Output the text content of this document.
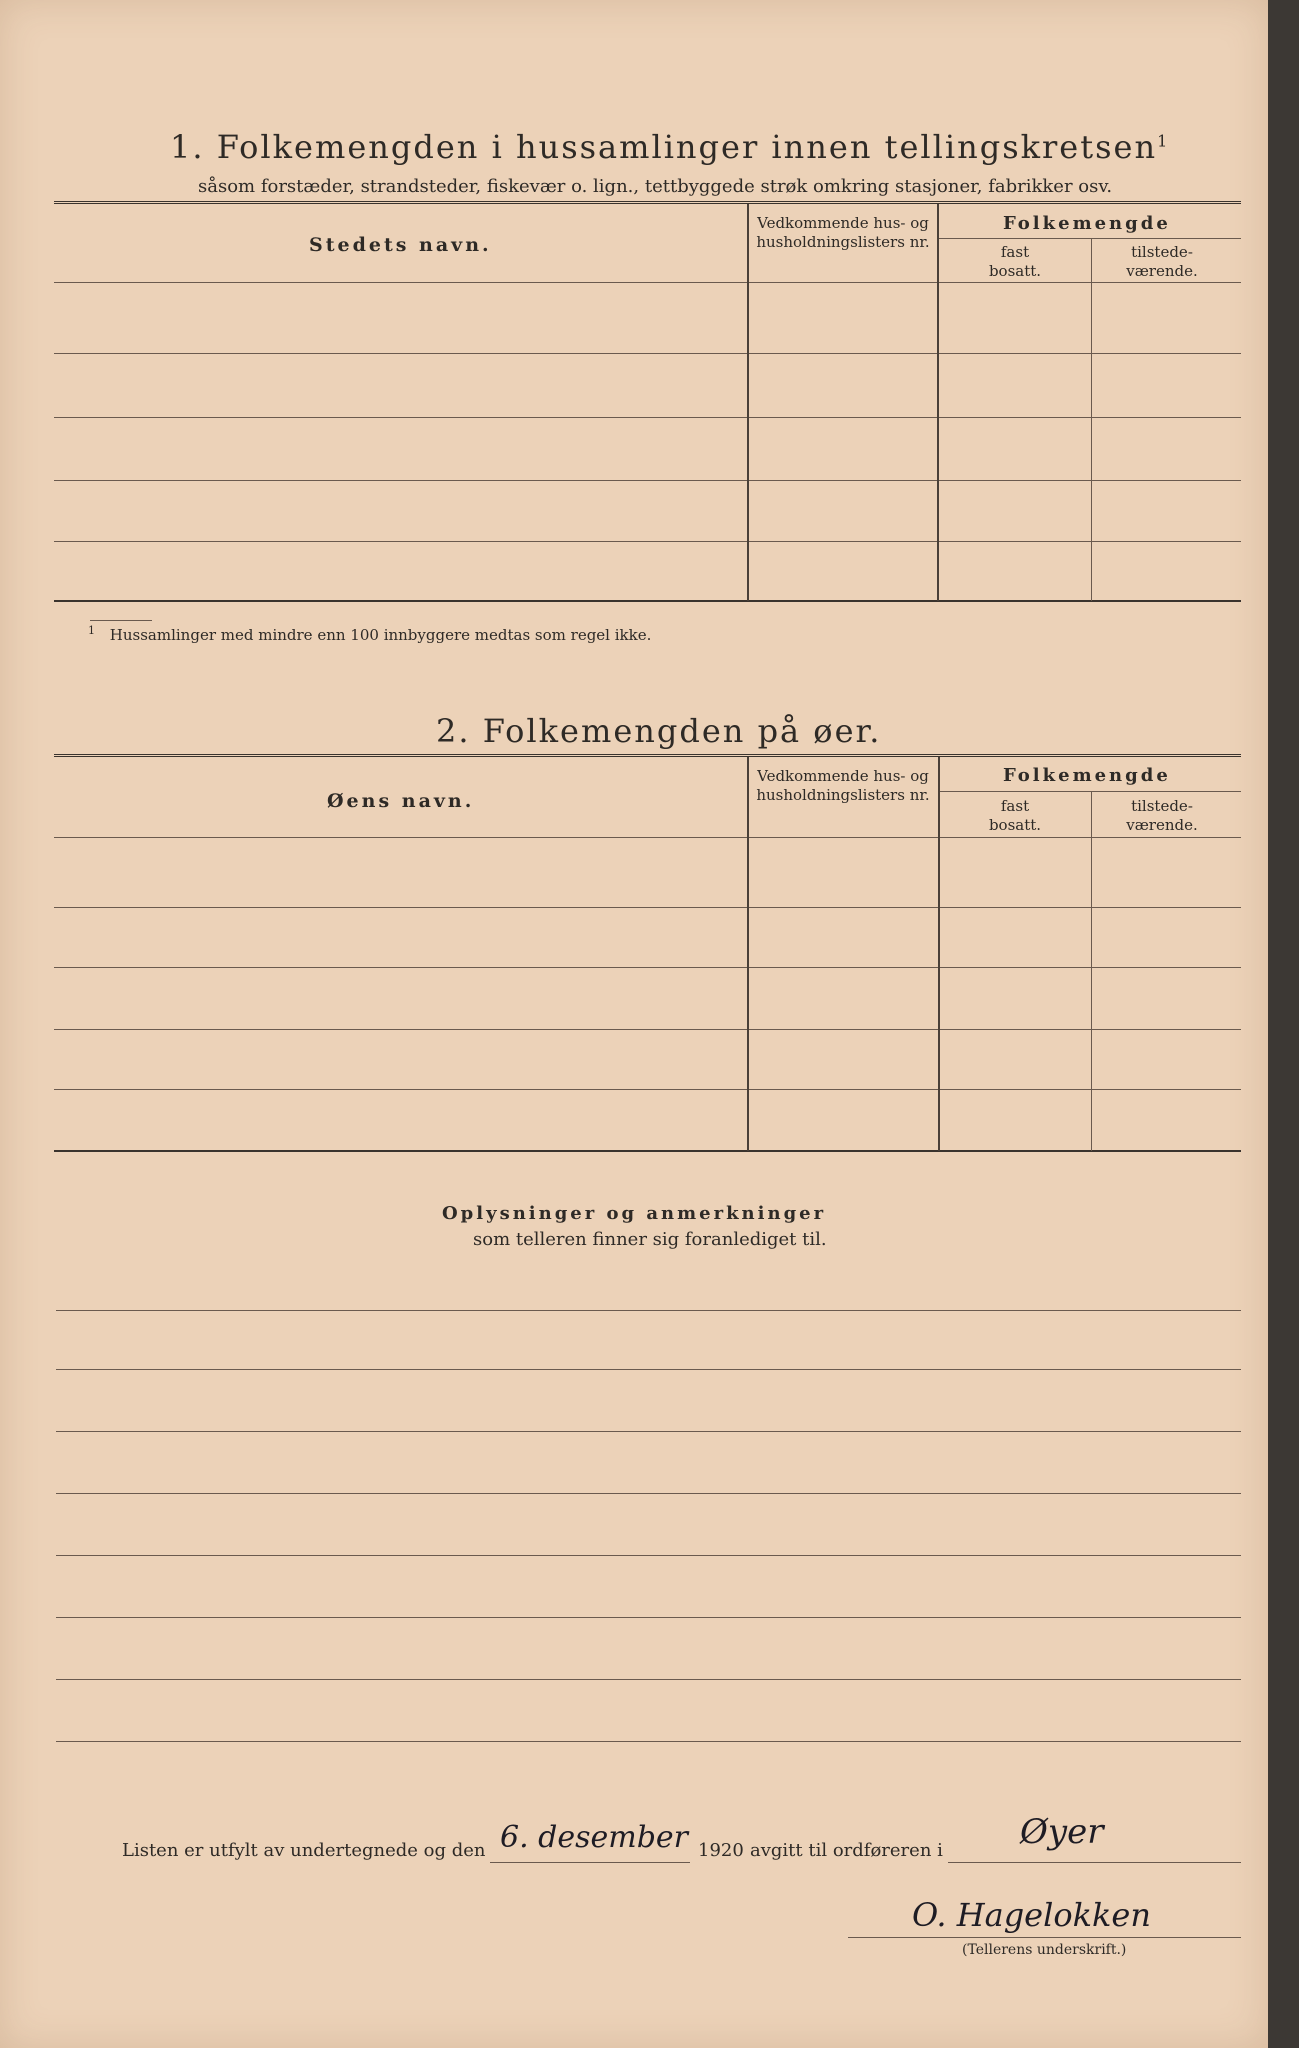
1. Folkemengden i hussamlinger innen tellingskretsen$^1$
såsom forstæder, strandsteder, fiskevær o. lign., tettbyggede strøk omkring stasjoner, fabrikker osv.
Stedets navn.
Vedkommende hus- og husholdningslisters nr.
Folkemengde
fast bosatt.
tilstede-værende.
$^1$ Hussamlinger med mindre enn 100 innbyggere medtas som regel ikke.
2. Folkemengden på øer.
Øens navn.
Vedkommende hus- og husholdningslisters nr.
Folkemengde
fast bosatt.
tilstede-værende.
Oplysninger og anmerkninger
som telleren finner sig foranlediget til.
Listen er utfylt av undertegnede og den 6. desember 1920 avgitt til ordføreren i Øyer
O. Hagelokken
(Tellerens underskrift.)
